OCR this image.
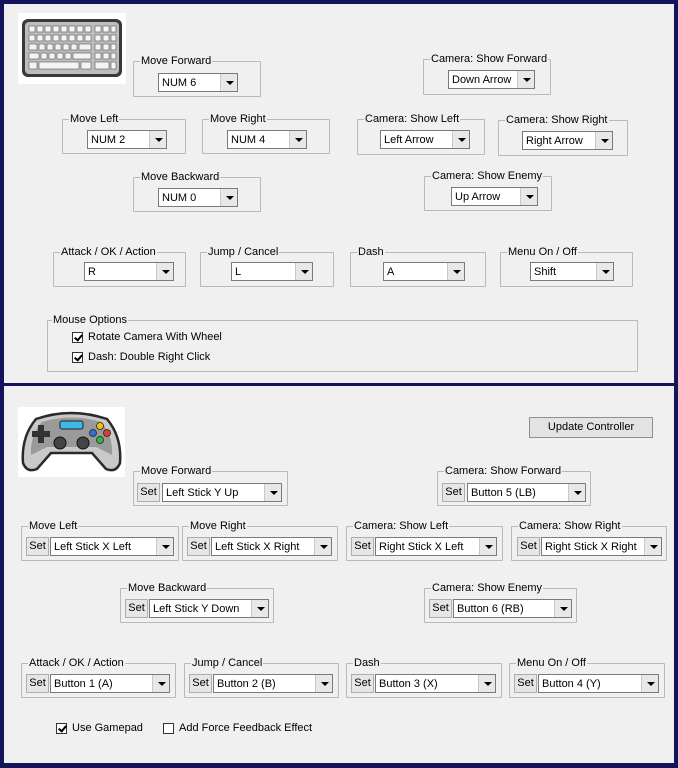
Move Forward
NUM 6
Camera: Show Forward
Down Arrow
Move Left
NUM 2
Move Right
NUM 4
Camera: Show Left
Left Arrow
Camera: Show Right
Right Arrow
Move Backward
NUM 0
Camera: Show Enemy
Up Arrow
Attack / OK / Action
R
Jump / Cancel
L
Dash
A
Menu On / Off
Shift
Mouse Options
Rotate Camera With Wheel
Dash: Double Right Click
Update Controller
Move Forward
Set Left Stick Y Up
Camera: Show Forward
Set Button 5 (LB)
Move Left
Set Left Stick X Left
Move Right
Set Left Stick X Right
Camera: Show Left
Set Right Stick X Left
Camera: Show Right
Set Right Stick X Right
Move Backward
Set Left Stick Y Down
Camera: Show Enemy
Set Button 6 (RB)
Attack / OK / Action
Set Button 1 (A)
Jump / Cancel
Set Button 2 (B)
Dash
Set Button 3 (X)
Menu On / Off
Set Button 4 (Y)
Use Gamepad	Add Force Feedback Effect
